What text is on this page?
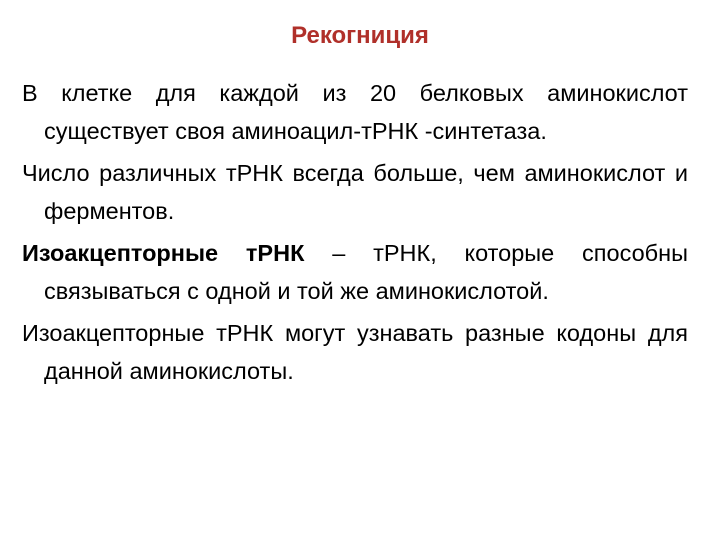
Рекогниция

В клетке для каждой из 20 белковых аминокислот существует своя аминоацил-тРНК -синтетаза.

Число различных тРНК всегда больше, чем аминокислот и ферментов.

Изоакцепторные тРНК – тРНК, которые способны связываться с одной и той же аминокислотой.

Изоакцепторные тРНК могут узнавать разные кодоны для данной аминокислоты.
